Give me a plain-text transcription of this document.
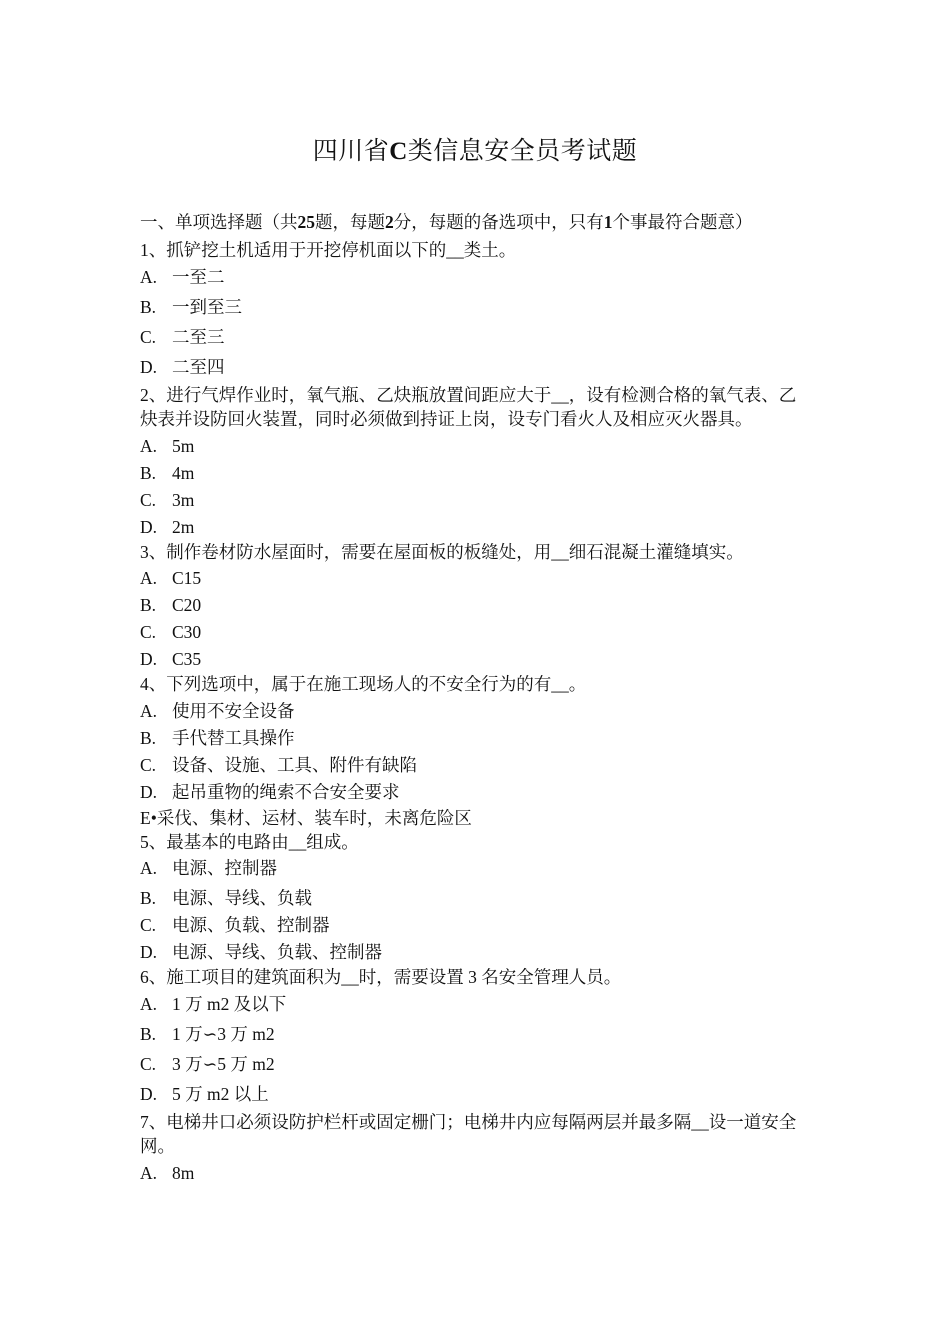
四川省C类信息安全员考试题
一、单项选择题（共25题，每题2分，每题的备选项中，只有1个事最符合题意）
1、抓铲挖土机适用于开挖停机面以下的__类土。
A. 一至二
B. 一到至三
C. 二至三
D. 二至四
2、进行气焊作业时，氧气瓶、乙炔瓶放置间距应大于__，设有检测合格的氧气表、乙炔表并设防回火装置，同时必须做到持证上岗，设专门看火人及相应灭火器具。
A. 5m
B. 4m
C. 3m
D. 2m
3、制作卷材防水屋面时，需要在屋面板的板缝处，用__细石混凝土灌缝填实。
A. C15
B. C20
C. C30
D. C35
4、下列选项中，属于在施工现场人的不安全行为的有__。
A. 使用不安全设备
B. 手代替工具操作
C. 设备、设施、工具、附件有缺陷
D. 起吊重物的绳索不合安全要求
E•采伐、集材、运材、装车时，未离危险区
5、最基本的电路由__组成。
A. 电源、控制器
B. 电源、导线、负载
C. 电源、负载、控制器
D. 电源、导线、负载、控制器
6、施工项目的建筑面积为__时，需要设置 3 名安全管理人员。
A. 1 万 m2 及以下
B. 1 万∽3 万 m2
C. 3 万∽5 万 m2
D. 5 万 m2 以上
7、电梯井口必须设防护栏杆或固定栅门；电梯井内应每隔两层并最多隔__设一道安全网。
A. 8m
